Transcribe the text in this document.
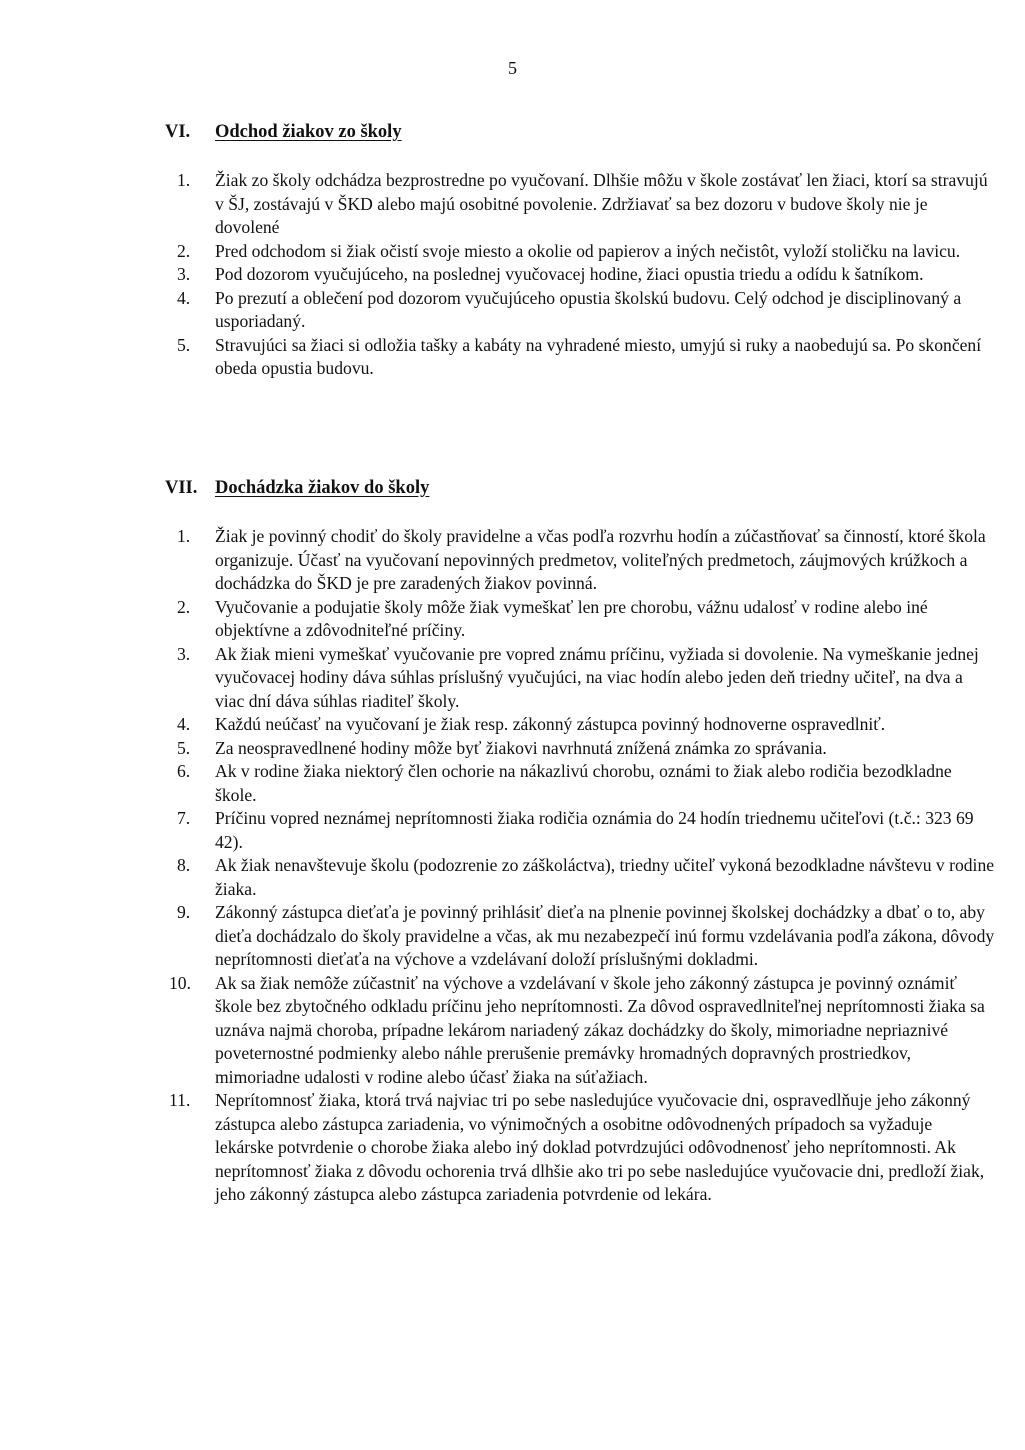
5
VI.	Odchod žiakov zo školy
1.	Žiak zo školy odchádza bezprostredne po vyučovaní. Dlhšie môžu v škole zostávať len žiaci, ktorí sa stravujú v ŠJ, zostávajú v ŠKD alebo majú osobitné povolenie. Zdržiavať sa bez dozoru v budove školy nie je dovolené
2.	Pred odchodom si žiak očistí svoje miesto a okolie od papierov a iných nečistôt, vyloží stoličku na lavicu.
3.	Pod dozorom vyučujúceho, na poslednej vyučovacej hodine, žiaci opustia triedu a odídu k šatníkom.
4.	Po prezutí a oblečení pod dozorom vyučujúceho opustia školskú budovu. Celý odchod je disciplinovaný a usporiadaný.
5.	Stravujúci sa žiaci si odložia tašky a kabáty na vyhradené miesto, umyjú si ruky a naobedujú sa. Po skončení obeda opustia budovu.
VII. Dochádzka žiakov do školy
1.	Žiak je povinný chodiť do školy pravidelne a včas podľa rozvrhu hodín a zúčastňovať sa činností, ktoré škola organizuje. Účasť na vyučovaní nepovinných predmetov, voliteľných predmetoch, záujmových krúžkoch a dochádzka do ŠKD je pre zaradených žiakov povinná.
2.	Vyučovanie a podujatie školy môže žiak vymeškať len pre chorobu, vážnu udalosť v rodine alebo iné objektívne a zdôvodniteľné príčiny.
3.	Ak žiak mieni vymeškať vyučovanie pre vopred známu príčinu, vyžiada si dovolenie. Na vymeškanie jednej vyučovacej hodiny dáva súhlas príslušný vyučujúci, na viac hodín alebo jeden deň triedny učiteľ, na dva a viac dní dáva súhlas riaditeľ školy.
4.	Každú neúčasť na vyučovaní je žiak resp. zákonný zástupca povinný hodnoverne ospravedlniť.
5.	Za neospravedlnené hodiny môže byť žiakovi navrhnutá znížená známka zo správania.
6.	Ak v rodine žiaka niektorý člen ochorie na nákazlivú chorobu, oznámi to žiak alebo rodičia bezodkladne škole.
7.	Príčinu vopred neznámej neprítomnosti žiaka rodičia oznámia do 24 hodín triednemu učiteľovi (t.č.: 323 69 42).
8.	Ak žiak nenavštevuje školu (podozrenie zo záškoláctva), triedny učiteľ vykoná bezodkladne návštevu v rodine žiaka.
9.	Zákonný zástupca dieťaťa je povinný prihlásiť dieťa na plnenie povinnej školskej dochádzky a dbať o to, aby dieťa dochádzalo do školy pravidelne a včas, ak mu nezabezpečí inú formu vzdelávania podľa zákona, dôvody neprítomnosti dieťaťa na výchove a vzdelávaní doloží príslušnými dokladmi.
10.	Ak sa žiak nemôže zúčastniť na výchove a vzdelávaní v škole jeho zákonný zástupca je povinný oznámiť škole bez zbytočného odkladu príčinu jeho neprítomnosti. Za dôvod ospravedlniteľnej neprítomnosti žiaka sa uznáva najmä choroba, prípadne lekárom nariadený zákaz dochádzky do školy, mimoriadne nepriaznivé poveternostné podmienky alebo náhle prerušenie premávky hromadných dopravných prostriedkov, mimoriadne udalosti v rodine alebo účasť žiaka na súťažiach.
11.	Neprítomnosť žiaka, ktorá trvá najviac tri po sebe nasledujúce vyučovacie dni, ospravedlňuje jeho zákonný zástupca alebo zástupca zariadenia, vo výnimočných a osobitne odôvodnených prípadoch sa vyžaduje lekárske potvrdenie o chorobe žiaka alebo iný doklad potvrdzujúci odôvodnenosť jeho neprítomnosti. Ak neprítomnosť žiaka z dôvodu ochorenia trvá dlhšie ako tri po sebe nasledujúce vyučovacie dni, predloží žiak, jeho zákonný zástupca alebo zástupca zariadenia potvrdenie od lekára.
